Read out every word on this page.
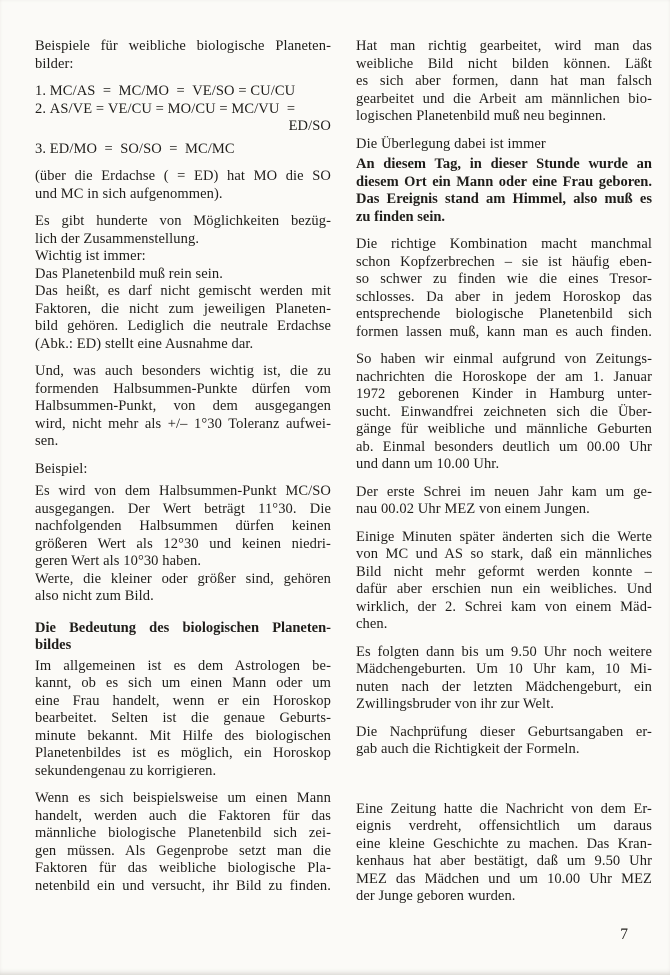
Beispiele für weibliche biologische Planeten-
bilder:
1. MC/AS  =  MC/MO  =  VE/SO = CU/CU
2. AS/VE = VE/CU = MO/CU = MC/VU  =
ED/SO
3. ED/MO  =  SO/SO  =  MC/MC
(über die Erdachse ( = ED) hat MO die SO
und MC in sich aufgenommen).
Es gibt hunderte von Möglichkeiten bezüg-
lich der Zusammenstellung.
Wichtig ist immer:
Das Planetenbild muß rein sein.
Das heißt, es darf nicht gemischt werden mit
Faktoren, die nicht zum jeweiligen Planeten-
bild gehören. Lediglich die neutrale Erdachse
(Abk.: ED) stellt eine Ausnahme dar.
Und, was auch besonders wichtig ist, die zu
formenden Halbsummen-Punkte dürfen vom
Halbsummen-Punkt, von dem ausgegangen
wird, nicht mehr als +/– 1°30 Toleranz aufwei-
sen.
Beispiel:
Es wird von dem Halbsummen-Punkt MC/SO
ausgegangen. Der Wert beträgt 11°30. Die
nachfolgenden Halbsummen dürfen keinen
größeren Wert als 12°30 und keinen niedri-
geren Wert als 10°30 haben.
Werte, die kleiner oder größer sind, gehören
also nicht zum Bild.
Die Bedeutung des biologischen Planeten-
bildes
Im allgemeinen ist es dem Astrologen be-
kannt, ob es sich um einen Mann oder um
eine Frau handelt, wenn er ein Horoskop
bearbeitet. Selten ist die genaue Geburts-
minute bekannt. Mit Hilfe des biologischen
Planetenbildes ist es möglich, ein Horoskop
sekundengenau zu korrigieren.
Wenn es sich beispielsweise um einen Mann
handelt, werden auch die Faktoren für das
männliche biologische Planetenbild sich zei-
gen müssen. Als Gegenprobe setzt man die
Faktoren für das weibliche biologische Pla-
netenbild ein und versucht, ihr Bild zu finden.
Hat man richtig gearbeitet, wird man das
weibliche Bild nicht bilden können. Läßt
es sich aber formen, dann hat man falsch
gearbeitet und die Arbeit am männlichen bio-
logischen Planetenbild muß neu beginnen.
Die Überlegung dabei ist immer
An diesem Tag, in dieser Stunde wurde an
diesem Ort ein Mann oder eine Frau geboren.
Das Ereignis stand am Himmel, also muß es
zu finden sein.
Die richtige Kombination macht manchmal
schon Kopfzerbrechen – sie ist häufig eben-
so schwer zu finden wie die eines Tresor-
schlosses. Da aber in jedem Horoskop das
entsprechende biologische Planetenbild sich
formen lassen muß, kann man es auch finden.
So haben wir einmal aufgrund von Zeitungs-
nachrichten die Horoskope der am 1. Januar
1972 geborenen Kinder in Hamburg unter-
sucht. Einwandfrei zeichneten sich die Über-
gänge für weibliche und männliche Geburten
ab. Einmal besonders deutlich um 00.00 Uhr
und dann um 10.00 Uhr.
Der erste Schrei im neuen Jahr kam um ge-
nau 00.02 Uhr MEZ von einem Jungen.
Einige Minuten später änderten sich die Werte
von MC und AS so stark, daß ein männliches
Bild nicht mehr geformt werden konnte –
dafür aber erschien nun ein weibliches. Und
wirklich, der 2. Schrei kam von einem Mäd-
chen.
Es folgten dann bis um 9.50 Uhr noch weitere
Mädchengeburten. Um 10 Uhr kam, 10 Mi-
nuten nach der letzten Mädchengeburt, ein
Zwillingsbruder von ihr zur Welt.
Die Nachprüfung dieser Geburtsangaben er-
gab auch die Richtigkeit der Formeln.
Eine Zeitung hatte die Nachricht von dem Er-
eignis verdreht, offensichtlich um daraus
eine kleine Geschichte zu machen. Das Kran-
kenhaus hat aber bestätigt, daß um 9.50 Uhr
MEZ das Mädchen und um 10.00 Uhr MEZ
der Junge geboren wurden.
7
